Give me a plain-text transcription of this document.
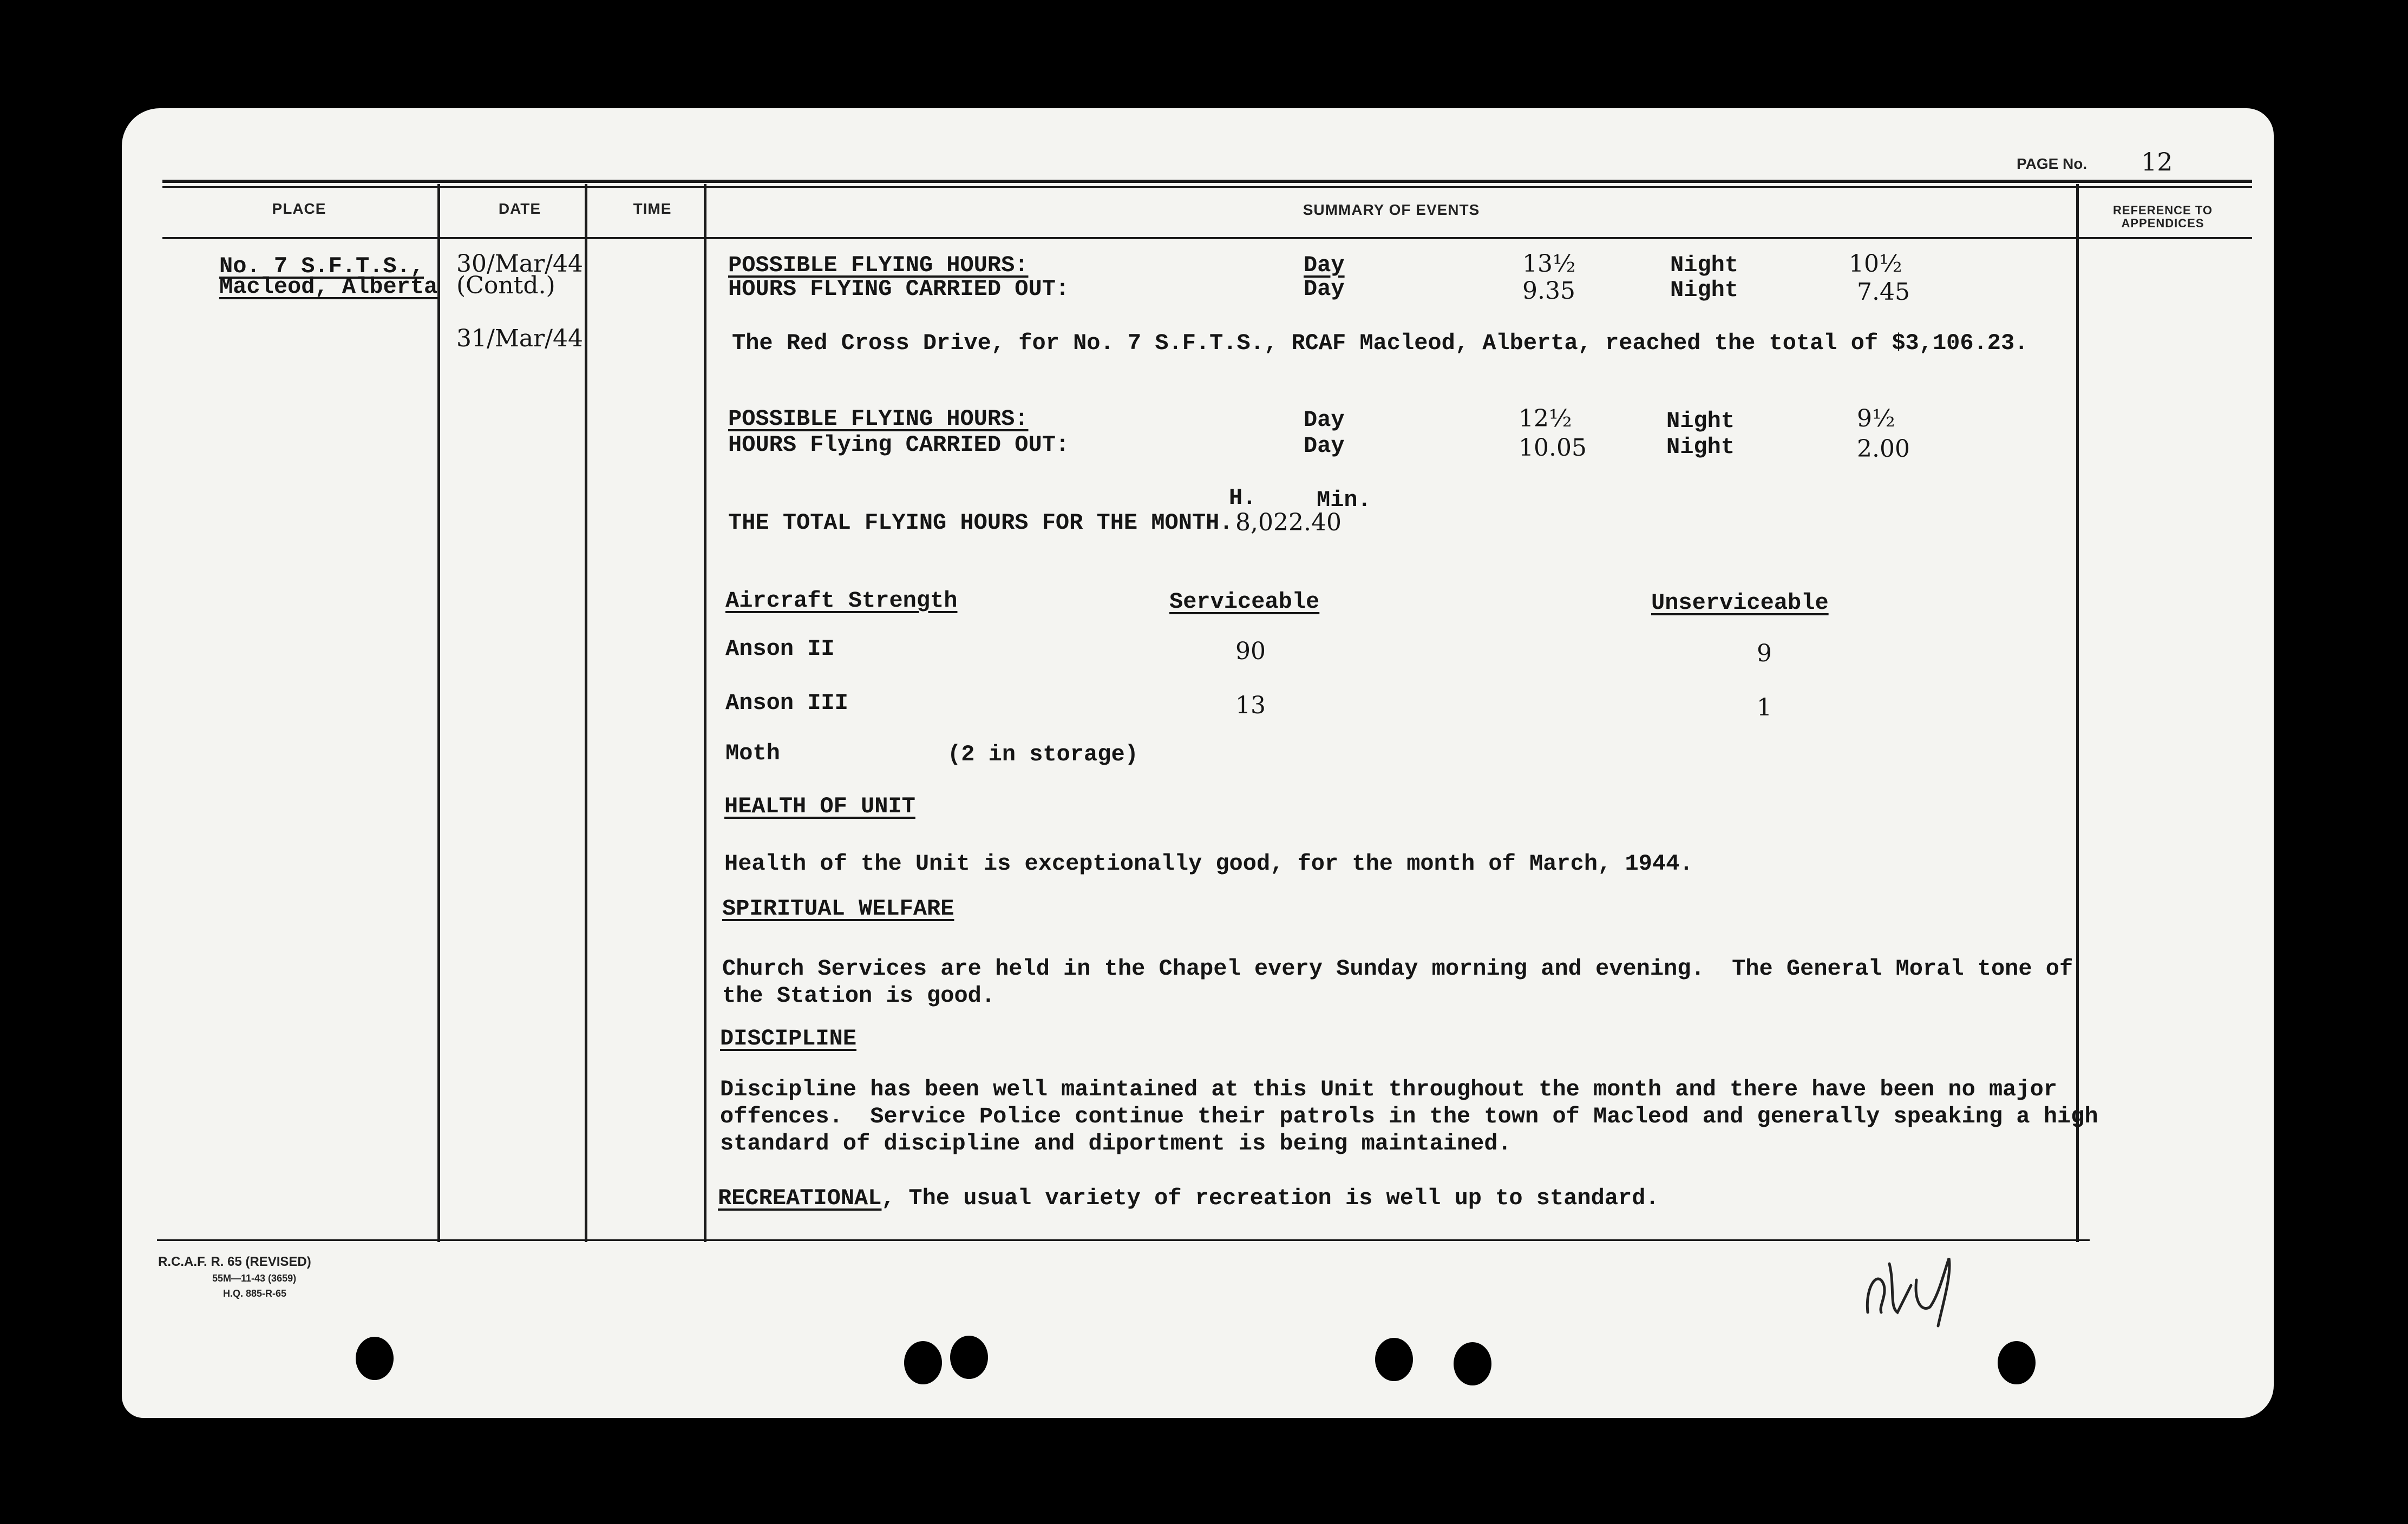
PAGE No. 12
PLACE	DATE	TIME	SUMMARY OF EVENTS	REFERENCE TO
APPENDICES
No. 7 S.F.T.S.,
Macleod, Alberta
30/Mar/44
(Contd.)
31/Mar/44
POSSIBLE FLYING HOURS:	Day	13½	Night	10½
HOURS FLYING CARRIED OUT:	Day	9.35	Night	7.45
The Red Cross Drive, for No. 7 S.F.T.S., RCAF Macleod, Alberta, reached the total of $3,106.23.
POSSIBLE FLYING HOURS:	Day	12½	Night	9½
HOURS Flying CARRIED OUT:	Day	10.05	Night	2.00
H.	Min.
THE TOTAL FLYING HOURS FOR THE MONTH. 8,022.40
Aircraft Strength	Serviceable	Unserviceable
Anson II	90	9
Anson III	13	1
Moth	(2 in storage)
HEALTH OF UNIT
Health of the Unit is exceptionally good, for the month of March, 1944.
SPIRITUAL WELFARE
Church Services are held in the Chapel every Sunday morning and evening.  The General Moral tone of
the Station is good.
DISCIPLINE
Discipline has been well maintained at this Unit throughout the month and there have been no major
offences.  Service Police continue their patrols in the town of Macleod and generally speaking a high
standard of discipline and diportment is being maintained.
RECREATIONAL , The usual variety of recreation is well up to standard.
R.C.A.F. R. 65 (REVISED)
55M—11-43 (3659)
H.Q. 885-R-65
